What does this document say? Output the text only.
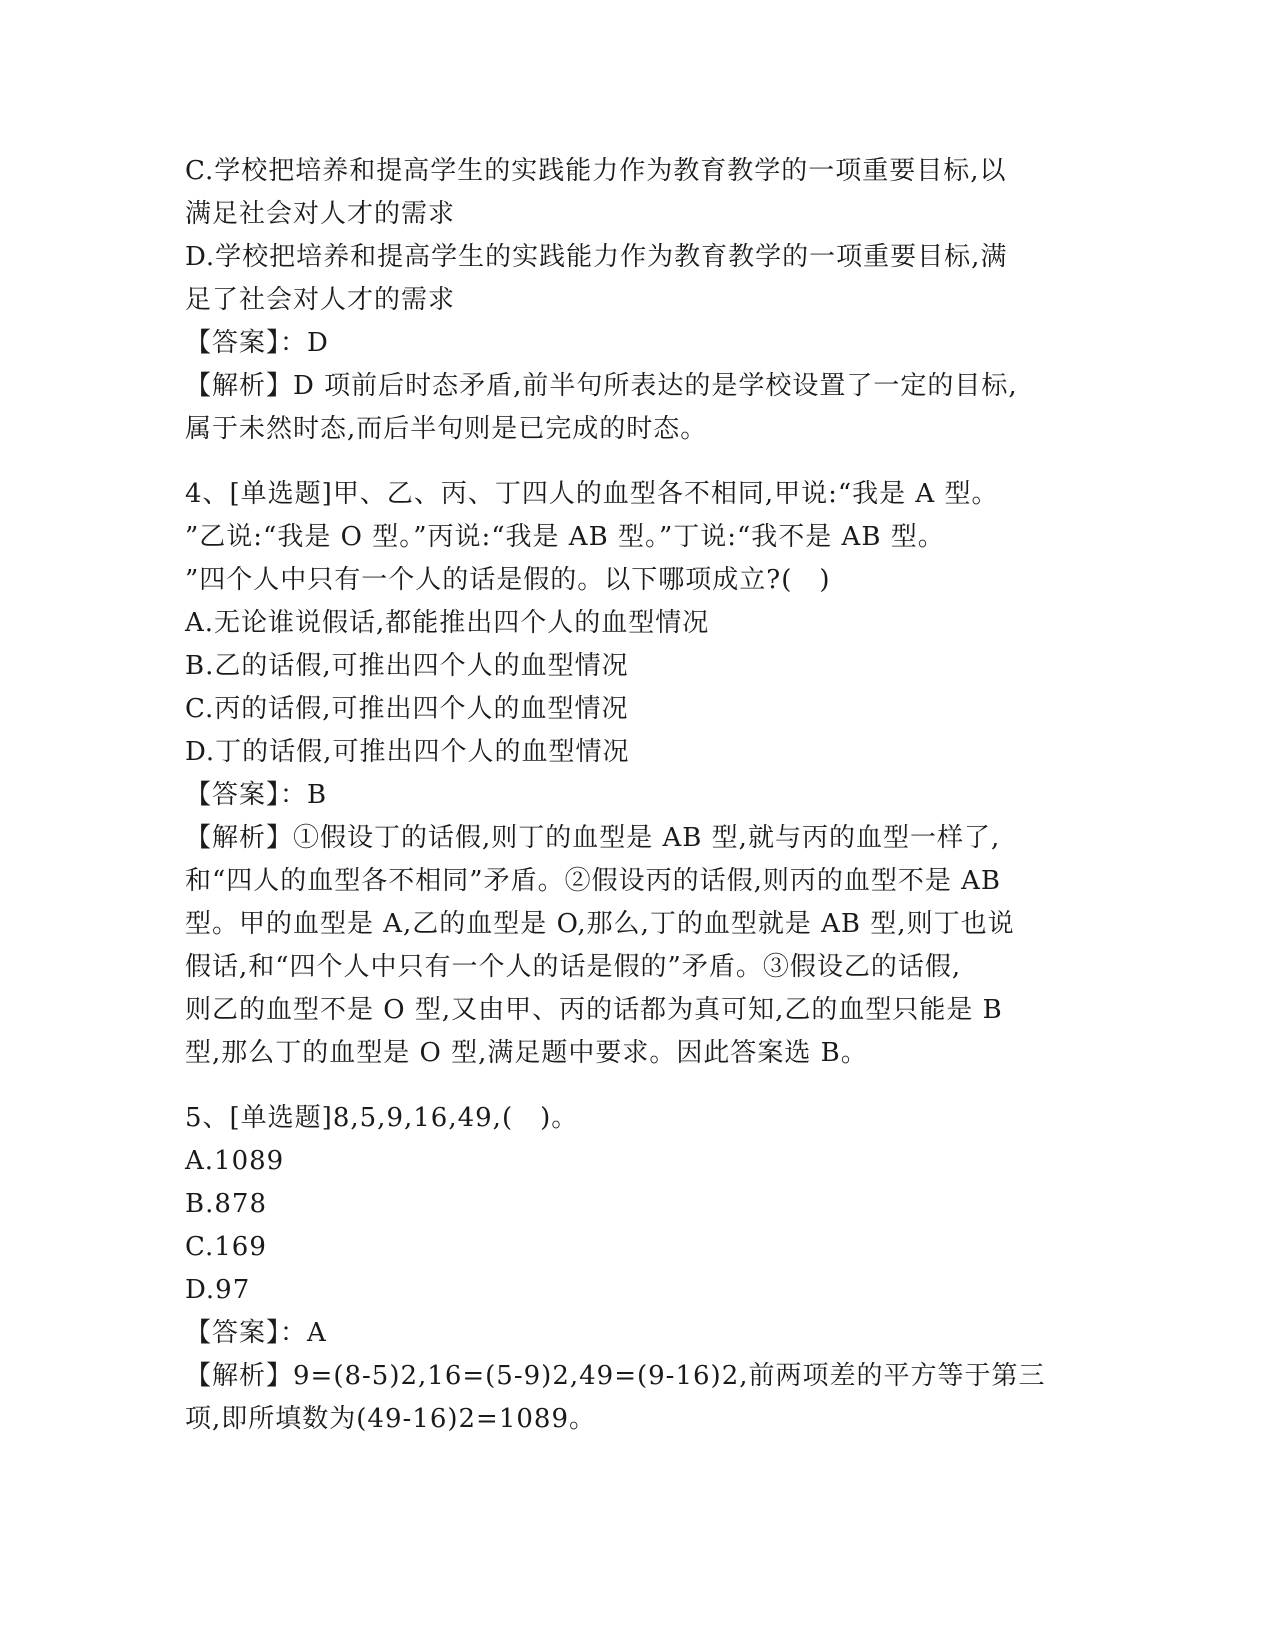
C.学校把培养和提高学生的实践能力作为教育教学的一项重要目标,以
满足社会对人才的需求
D.学校把培养和提高学生的实践能力作为教育教学的一项重要目标,满
足了社会对人才的需求
【答案】：D
【解析】D 项前后时态矛盾,前半句所表达的是学校设置了一定的目标,
属于未然时态,而后半句则是已完成的时态。
4、[单选题]甲、乙、丙、丁四人的血型各不相同,甲说:“我是 A 型。
”乙说:“我是 O 型。”丙说:“我是 AB 型。”丁说:“我不是 AB 型。
”四个人中只有一个人的话是假的。以下哪项成立?(　)
A.无论谁说假话,都能推出四个人的血型情况
B.乙的话假,可推出四个人的血型情况
C.丙的话假,可推出四个人的血型情况
D.丁的话假,可推出四个人的血型情况
【答案】：B
【解析】①假设丁的话假,则丁的血型是 AB 型,就与丙的血型一样了,
和“四人的血型各不相同”矛盾。②假设丙的话假,则丙的血型不是 AB
型。甲的血型是 A,乙的血型是 O,那么,丁的血型就是 AB 型,则丁也说
假话,和“四个人中只有一个人的话是假的”矛盾。③假设乙的话假,
则乙的血型不是 O 型,又由甲、丙的话都为真可知,乙的血型只能是 B
型,那么丁的血型是 O 型,满足题中要求。因此答案选 B。
5、[单选题]8,5,9,16,49,(　)。
A.1089
B.878
C.169
D.97
【答案】：A
【解析】9=(8-5)2,16=(5-9)2,49=(9-16)2,前两项差的平方等于第三
项,即所填数为(49-16)2=1089。
